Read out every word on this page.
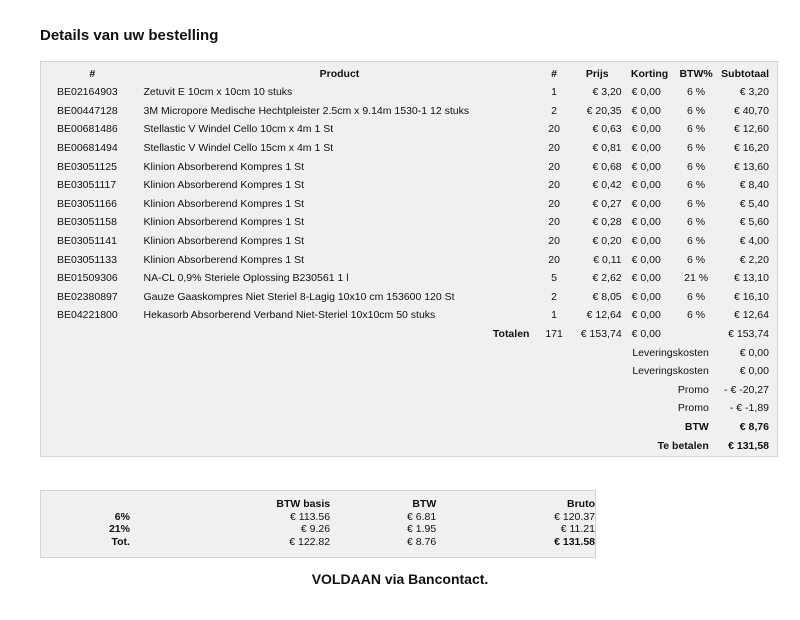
Details van uw bestelling
#	Product	#	Prijs	Korting	BTW%	Subtotaal
BE02164903	Zetuvit E 10cm x 10cm 10 stuks	1	€ 3,20	€ 0,00	6 %	€ 3,20
BE00447128	3M Micropore Medische Hechtpleister 2.5cm x 9.14m 1530-1 12 stuks	2	€ 20,35	€ 0,00	6 %	€ 40,70
BE00681486	Stellastic V Windel Cello 10cm x 4m 1 St	20	€ 0,63	€ 0,00	6 %	€ 12,60
BE00681494	Stellastic V Windel Cello 15cm x 4m 1 St	20	€ 0,81	€ 0,00	6 %	€ 16,20
BE03051125	Klinion Absorberend Kompres 1 St	20	€ 0,68	€ 0,00	6 %	€ 13,60
BE03051117	Klinion Absorberend Kompres 1 St	20	€ 0,42	€ 0,00	6 %	€ 8,40
BE03051166	Klinion Absorberend Kompres 1 St	20	€ 0,27	€ 0,00	6 %	€ 5,40
BE03051158	Klinion Absorberend Kompres 1 St	20	€ 0,28	€ 0,00	6 %	€ 5,60
BE03051141	Klinion Absorberend Kompres 1 St	20	€ 0,20	€ 0,00	6 %	€ 4,00
BE03051133	Klinion Absorberend Kompres 1 St	20	€ 0,11	€ 0,00	6 %	€ 2,20
BE01509306	NA-CL 0,9% Steriele Oplossing B230561 1 l	5	€ 2,62	€ 0,00	21 %	€ 13,10
BE02380897	Gauze Gaaskompres Niet Steriel 8-Lagig 10x10 cm 153600 120 St	2	€ 8,05	€ 0,00	6 %	€ 16,10
BE04221800	Hekasorb Absorberend Verband Niet-Steriel 10x10cm 50 stuks	1	€ 12,64	€ 0,00	6 %	€ 12,64
	Totalen	171	€ 153,74	€ 0,00		€ 153,74
Leveringskosten						€ 0,00
Leveringskosten						€ 0,00
Promo						- € -20,27
Promo						- € -1,89
BTW						€ 8,76
Te betalen						€ 131,58
	BTW basis	BTW	Bruto
6%	€ 113.56	€ 6.81	€ 120.37
21%	€ 9.26	€ 1.95	€ 11.21
Tot.	€ 122.82	€ 8.76	€ 131.58
VOLDAAN via Bancontact.
